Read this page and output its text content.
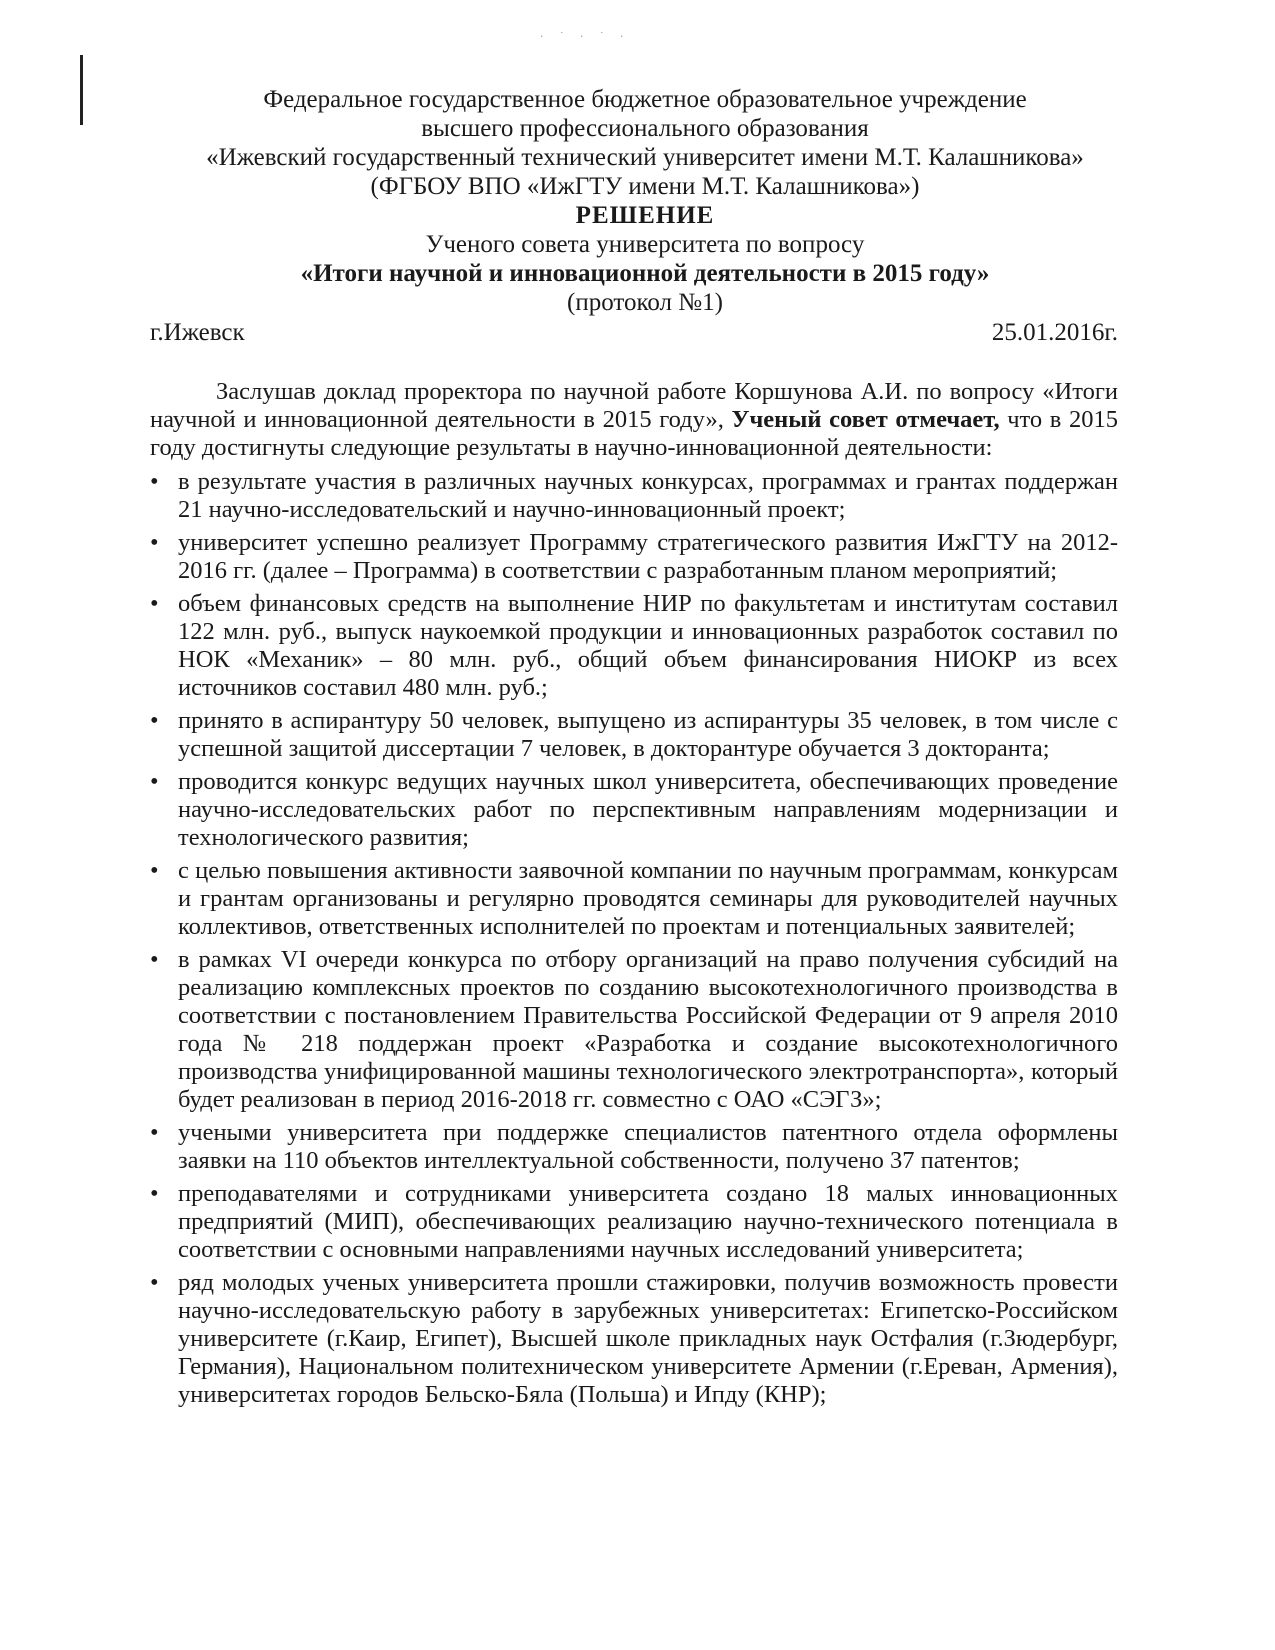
· ˙ · ˙ ·
Федеральное государственное бюджетное образовательное учреждение
высшего профессионального образования
«Ижевский государственный технический университет имени М.Т. Калашникова»
(ФГБОУ ВПО «ИжГТУ имени М.Т. Калашникова»)
РЕШЕНИЕ
Ученого совета университета по вопросу
«Итоги научной и инновационной деятельности в 2015 году»
(протокол №1)
г.Ижевск	25.01.2016г.

Заслушав доклад проректора по научной работе Коршунова А.И. по вопросу «Итоги научной и инновационной деятельности в 2015 году», Ученый совет отмечает, что в 2015 году достигнуты следующие результаты в научно-инновационной деятельности:

• в результате участия в различных научных конкурсах, программах и грантах поддержан 21 научно-исследовательский и научно-инновационный проект;
• университет успешно реализует Программу стратегического развития ИжГТУ на 2012-2016 гг. (далее – Программа) в соответствии с разработанным планом мероприятий;
• объем финансовых средств на выполнение НИР по факультетам и институтам составил 122 млн. руб., выпуск наукоемкой продукции и инновационных разработок составил по НОК «Механик» – 80 млн. руб., общий объем финансирования НИОКР из всех источников составил 480 млн. руб.;
• принято в аспирантуру 50 человек, выпущено из аспирантуры 35 человек, в том числе с успешной защитой диссертации 7 человек, в докторантуре обучается 3 докторанта;
• проводится конкурс ведущих научных школ университета, обеспечивающих проведение научно-исследовательских работ по перспективным направлениям модернизации и технологического развития;
• с целью повышения активности заявочной компании по научным программам, конкурсам и грантам организованы и регулярно проводятся семинары для руководителей научных коллективов, ответственных исполнителей по проектам и потенциальных заявителей;
• в рамках VI очереди конкурса по отбору организаций на право получения субсидий на реализацию комплексных проектов по созданию высокотехнологичного производства в соответствии с постановлением Правительства Российской Федерации от 9 апреля 2010 года № 218 поддержан проект «Разработка и создание высокотехнологичного производства унифицированной машины технологического электротранспорта», который будет реализован в период 2016-2018 гг. совместно с ОАО «СЭГЗ»;
• учеными университета при поддержке специалистов патентного отдела оформлены заявки на 110 объектов интеллектуальной собственности, получено 37 патентов;
• преподавателями и сотрудниками университета создано 18 малых инновационных предприятий (МИП), обеспечивающих реализацию научно-технического потенциала в соответствии с основными направлениями научных исследований университета;
• ряд молодых ученых университета прошли стажировки, получив возможность провести научно-исследовательскую работу в зарубежных университетах: Египетско-Российском университете (г.Каир, Египет), Высшей школе прикладных наук Остфалия (г.Зюдербург, Германия), Национальном политехническом университете Армении (г.Ереван, Армения), университетах городов Бельско-Бяла (Польша) и Ипду (КНР);
